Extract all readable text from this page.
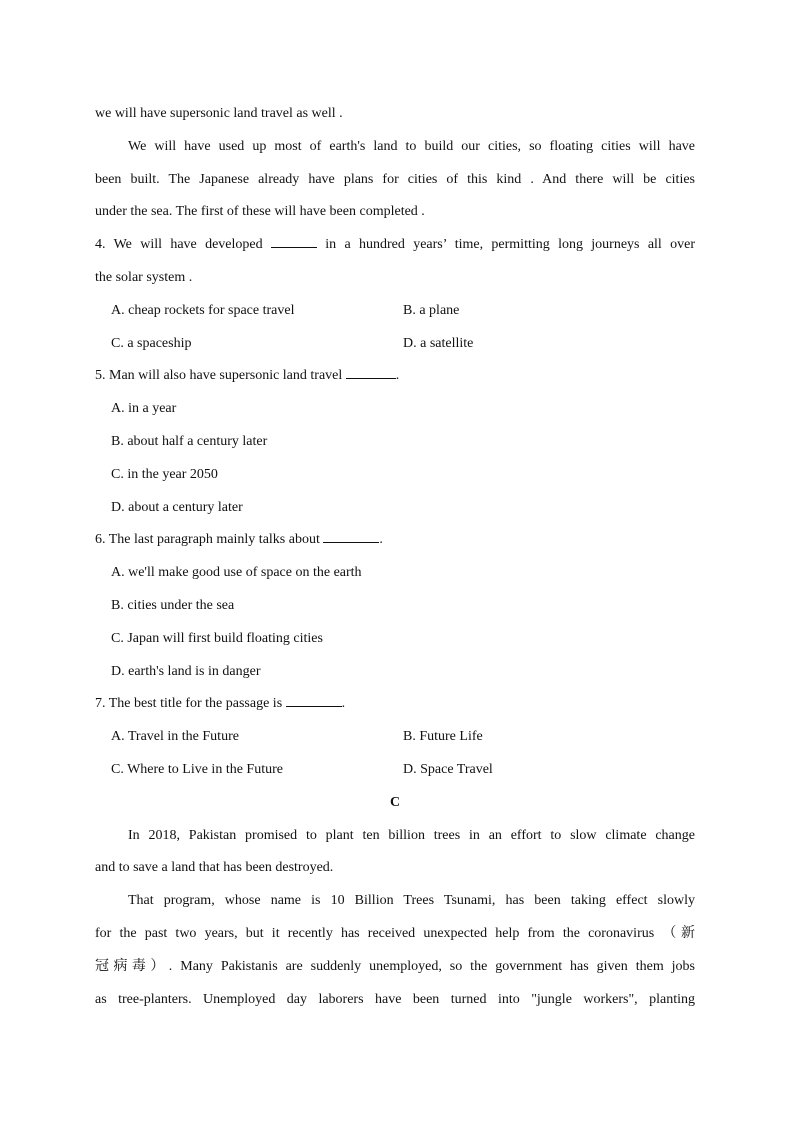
we will have supersonic land travel as well .
We will have used up most of earth's land to build our cities, so floating cities will have
been built. The Japanese already have plans for cities of this kind . And there will be cities
under the sea. The first of these will have been completed .
4. We will have developed	in a hundred years’ time, permitting long journeys all over
the solar system .
A. cheap rockets for space travel	B. a plane
C. a spaceship	D. a satellite
5. Man will also have supersonic land travel	.
A. in a year
B. about half a century later
C. in the year 2050
D. about a century later
6. The last paragraph mainly talks about	.
A. we'll make good use of space on the earth
B. cities under the sea
C. Japan will first build floating cities
D. earth's land is in danger
7. The best title for the passage is	.
A. Travel in the Future	B. Future Life
C. Where to Live in the Future	D. Space Travel
C
In 2018, Pakistan promised to plant ten billion trees in an effort to slow climate change
and to save a land that has been destroyed.
That program, whose name is 10 Billion Trees Tsunami, has been taking effect slowly
for the past two years, but it recently has received unexpected help from the coronavirus （新
冠病毒）. Many Pakistanis are suddenly unemployed, so the government has given them jobs
as tree-planters. Unemployed day laborers have been turned into "jungle workers", planting
